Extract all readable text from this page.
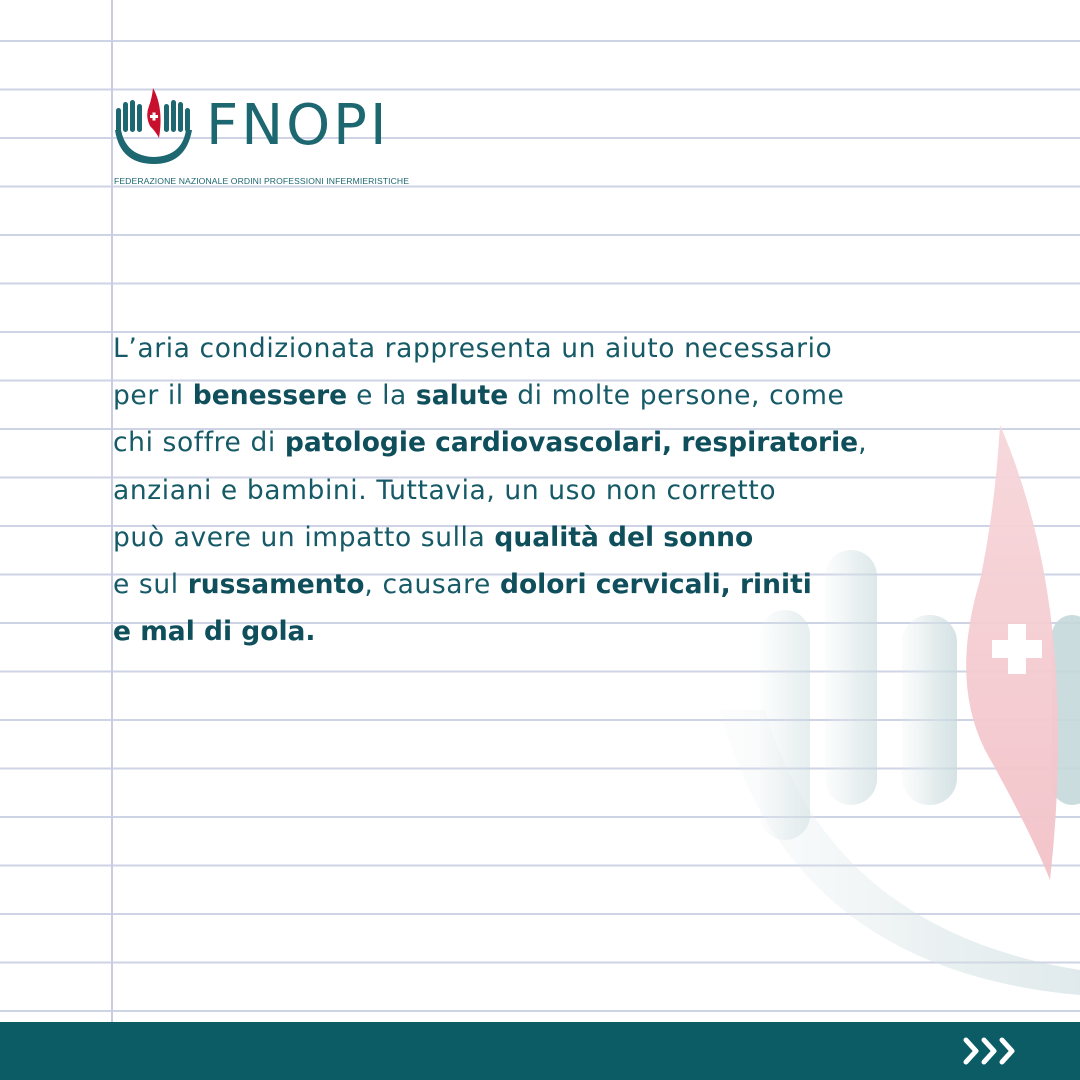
FNOPI
FEDERAZIONE NAZIONALE ORDINI PROFESSIONI INFERMIERISTICHE
L’aria condizionata rappresenta un aiuto necessario
per il benessere e la salute di molte persone, come
chi soffre di patologie cardiovascolari, respiratorie,
anziani e bambini. Tuttavia, un uso non corretto
può avere un impatto sulla qualità del sonno
e sul russamento, causare dolori cervicali, riniti
e mal di gola.
